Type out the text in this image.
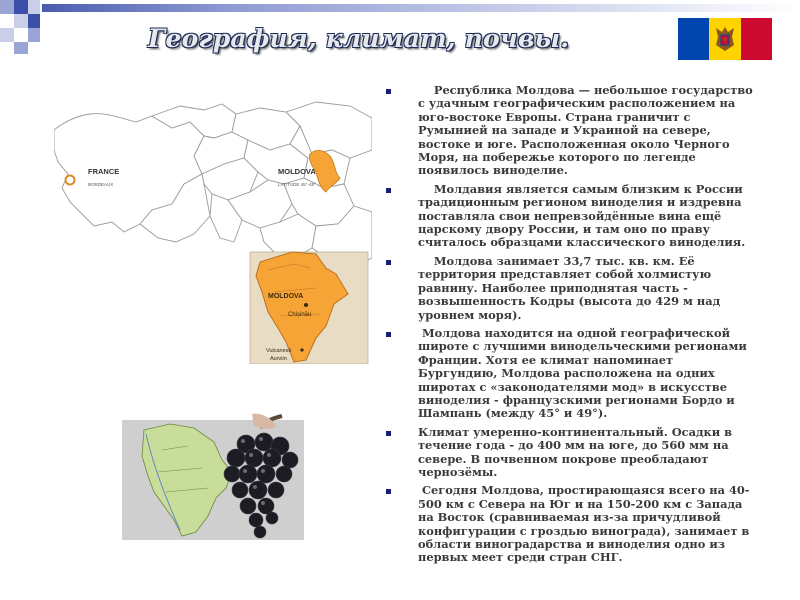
География, климат, почвы.
FRANCE
BORDEAUX
MOLDOVA
LATITUDE 45°-48°
MOLDOVA
Chișinău
Vulcanesti
Aurviin
Республика Молдова — небольшое государство с удачным географическим расположением на юго-востоке Европы. Страна граничит с Румынией на западе и Украиной на севере, востоке и юге. Расположенная около Черного Моря, на побережье которого по легенде появилось виноделие.
Молдавия является самым близким к России традиционным регионом виноделия и издревна поставляла свои непревзойдённые вина ещё царскому двору России, и там оно по праву считалось образцами классического виноделия.
Молдова занимает 33,7 тыс. кв. км. Её территория представляет собой холмистую равнину. Наиболее приподнятая часть - возвышенность Кодры (высота до 429 м над уровнем моря).
Молдова находится на одной географической широте с лучшими винодельческими регионами Франции. Хотя ее климат напоминает Бургундию, Молдова расположена на одних широтах с «законодателями мод» в искусстве виноделия - французскими регионами Бордо и Шампань (между 45° и 49°).
Климат умеренно-континентальный. Осадки в течение года - до 400 мм на юге, до 560 мм на севере. В почвенном покрове преобладают чернозёмы.
Сегодня Молдова, простирающаяся всего на 40-500 км с Севера на Юг и на 150-200 км с Запада на Восток (сравниваемая из-за причудливой конфигурации с гроздью винограда), занимает в области виноградарства и виноделия одно из первых меет среди стран СНГ.
